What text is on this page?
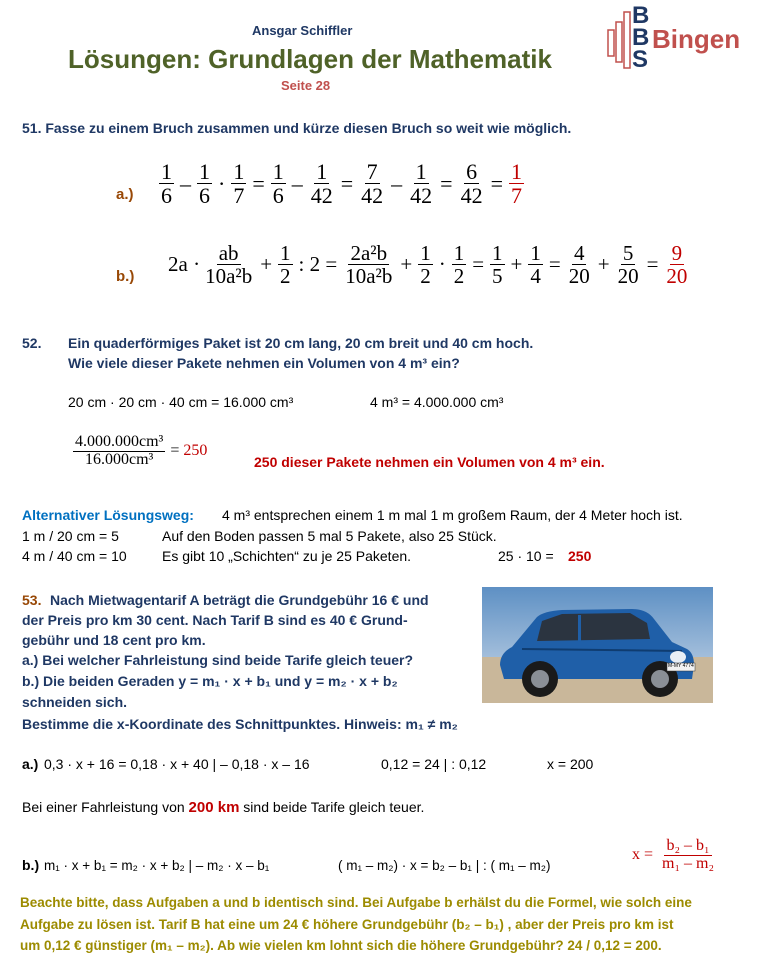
Ansgar Schiffler
Lösungen: Grundlagen der Mathematik
Seite 28
B
B
S
Bingen
51. Fasse zu einem Bruch zusammen und kürze diesen Bruch so weit wie möglich.
$a.) \frac{1}{6} - \frac{1}{6} \cdot \frac{1}{7} = \frac{1}{6} - \frac{1}{42} = \frac{7}{42} - \frac{1}{42} = \frac{6}{42} = \frac{1}{7}$
b.)
$2a \cdot \frac{ab}{\text{10a²b}} + \frac{1}{2}$ : $2 = \frac{\text{2a²b}}{\text{10a²b}} + \frac{1}{2} \cdot \frac{1}{2} = \frac{1}{5} + \frac{1}{4} = \frac{4}{20} + \frac{5}{20} = \frac{9}{20}$
52. Ein quaderförmiges Paket ist 20 cm lang, 20 cm breit und 40 cm hoch.
Wie viele dieser Pakete nehmen ein Volumen von 4 m³ ein?
20 cm · 20 cm · 40 cm = 16.000 cm³	4 m³ = 4.000.000 cm³
$\frac{\text{4.000.000cm³}}{\text{16.000cm³}} = 250$
250 dieser Pakete nehmen ein Volumen von 4 m³ ein.
Alternativer Lösungsweg: 4 m³ entsprechen einem 1 m mal 1 m großem Raum, der 4 Meter hoch ist.
1 m / 20 cm = 5	Auf den Boden passen 5 mal 5 Pakete, also 25 Stück.
4 m / 40 cm = 10	Es gibt 10 „Schichten“ zu je 25 Paketen.	25 · 10 = 250
53. Nach Mietwagentarif A beträgt die Grundgebühr 16 € und
der Preis pro km 30 cent. Nach Tarif B sind es 40 € Grund-
gebühr und 18 cent pro km.
a.) Bei welcher Fahrleistung sind beide Tarife gleich teuer?
b.) Die beiden Geraden y = m₁ · x + b₁ und y = m₂ · x + b₂
schneiden sich.
Bestimme die x-Koordinate des Schnittpunktes. Hinweis: m₁ ≠ m₂
M-MY 4774
a.) 0,3 · x + 16 = 0,18 · x + 40 | – 0,18 · x – 16	0,12 = 24 | : 0,12	x = 200
Bei einer Fahrleistung von 200 km sind beide Tarife gleich teuer.
b.) m₁ · x + b₁ = m₂ · x + b₂ | – m₂ · x – b₁	( m₁ – m₂) · x = b₂ – b₁ | : ( m₁ – m₂)
$x = \frac{\text{b₂ – b₁}}{\text{m₁ – m₂}}$
Beachte bitte, dass Aufgaben a und b identisch sind. Bei Aufgabe b erhälst du die Formel, wie solch eine
Aufgabe zu lösen ist. Tarif B hat eine um 24 € höhere Grundgebühr (b₂ – b₁) , aber der Preis pro km ist
um 0,12 € günstiger (m₁ – m₂). Ab wie vielen km lohnt sich die höhere Grundgebühr? 24 / 0,12 = 200.
